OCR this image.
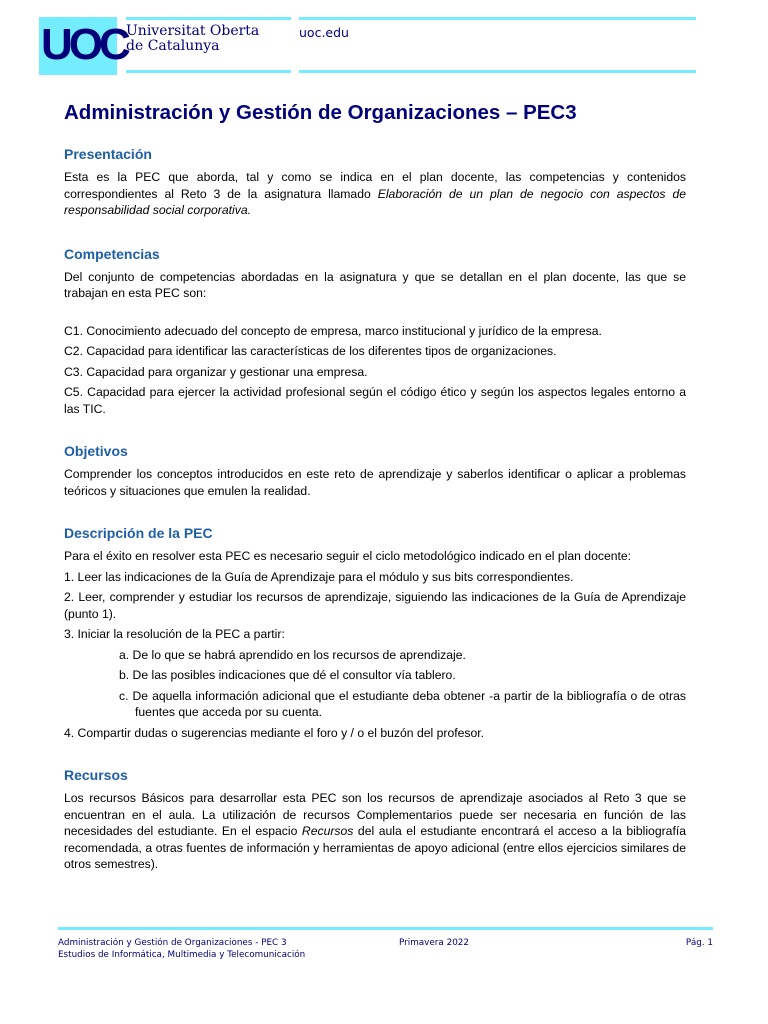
UOC Universitat Oberta
de Catalunya
uoc.edu
Administración y Gestión de Organizaciones – PEC3
Presentación

Esta es la PEC que aborda, tal y como se indica en el plan docente, las competencias y contenidos correspondientes al Reto 3 de la asignatura llamado Elaboración de un plan de negocio con aspectos de responsabilidad social corporativa.

Competencias

Del conjunto de competencias abordadas en la asignatura y que se detallan en el plan docente, las que se trabajan en esta PEC son:

C1. Conocimiento adecuado del concepto de empresa, marco institucional y jurídico de la empresa.

C2. Capacidad para identificar las características de los diferentes tipos de organizaciones.

C3. Capacidad para organizar y gestionar una empresa.

C5. Capacidad para ejercer la actividad profesional según el código ético y según los aspectos legales entorno a las TIC.

Objetivos

Comprender los conceptos introducidos en este reto de aprendizaje y saberlos identificar o aplicar a problemas teóricos y situaciones que emulen la realidad.

Descripción de la PEC

Para el éxito en resolver esta PEC es necesario seguir el ciclo metodológico indicado en el plan docente:

1. Leer las indicaciones de la Guía de Aprendizaje para el módulo y sus bits correspondientes.

2. Leer, comprender y estudiar los recursos de aprendizaje, siguiendo las indicaciones de la Guía de Aprendizaje (punto 1).

3. Iniciar la resolución de la PEC a partir:

a. De lo que se habrá aprendido en los recursos de aprendizaje.

b. De las posibles indicaciones que dé el consultor vía tablero.

c. De aquella información adicional que el estudiante deba obtener -a partir de la bibliografía o de otras fuentes que acceda por su cuenta.

4. Compartir dudas o sugerencias mediante el foro y / o el buzón del profesor.

Recursos

Los recursos Básicos para desarrollar esta PEC son los recursos de aprendizaje asociados al Reto 3 que se encuentran en el aula. La utilización de recursos Complementarios puede ser necesaria en función de las necesidades del estudiante. En el espacio Recursos del aula el estudiante encontrará el acceso a la bibliografía recomendada, a otras fuentes de información y herramientas de apoyo adicional (entre ellos ejercicios similares de otros semestres).

Administración y Gestión de Organizaciones - PEC 3
Estudios de Informática, Multimedia y Telecomunicación
Primavera 2022	Pág. 1
